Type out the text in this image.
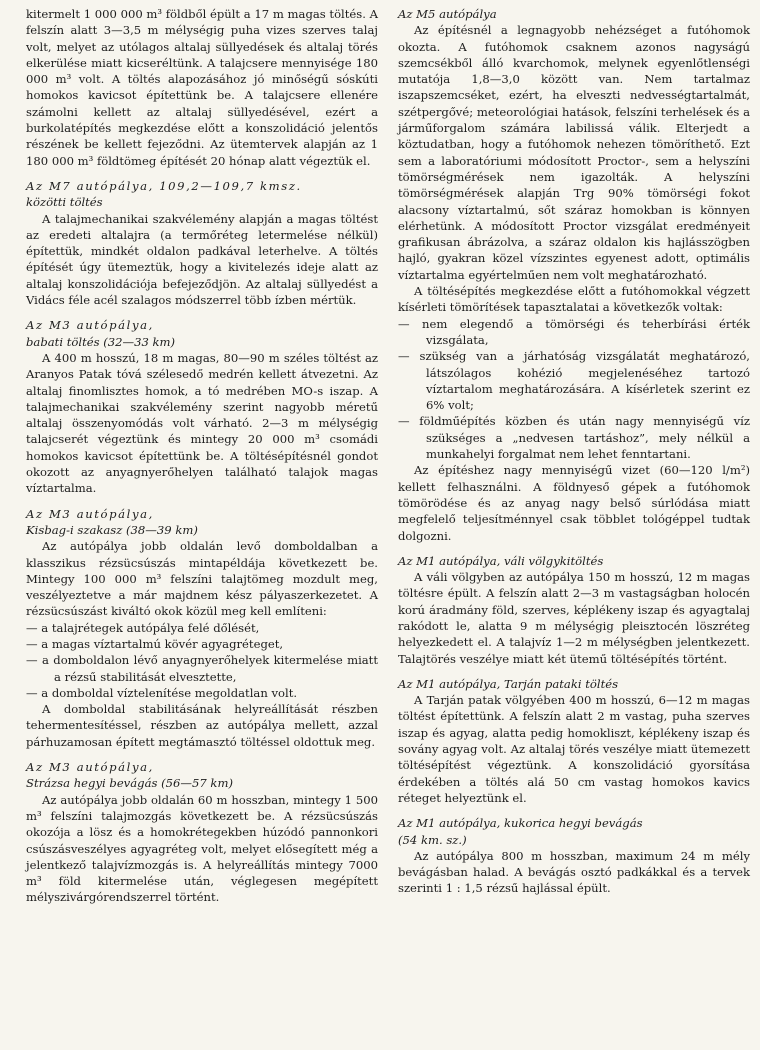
kitermelt 1 000 000 m³ földből épült a 17 m magas töltés. A felszín alatt 3—3,5 m mélységig puha vizes szerves talaj volt, melyet az utólagos altalaj süllyedések és altalaj törés elkerülése miatt kicseréltünk. A talajcsere mennyisége 180 000 m³ volt. A töltés alapozásához jó minőségű sóskúti homokos kavicsot építettünk be. A talajcsere ellenére számolni kellett az altalaj süllyedésével, ezért a burkolatépítés megkezdése előtt a konszolidáció jelentős részének be kellett fejeződni. Az ütemtervek alapján az 1 180 000 m³ földtömeg építését 20 hónap alatt végeztük el.

Az M7 autópálya, 109,2—109,7 kmsz.
közötti töltés

A talajmechanikai szakvélemény alapján a magas töltést az eredeti altalajra (a termőréteg letermelése nélkül) építettük, mindkét oldalon padkával leterhelve. A töltés építését úgy ütemeztük, hogy a kivitelezés ideje alatt az altalaj konszolidációja befejeződjön. Az altalaj süllyedést a Vidács féle acél szalagos módszerrel több ízben mértük.

Az M3 autópálya,
babati töltés (32—33 km)

A 400 m hosszú, 18 m magas, 80—90 m széles töltést az Aranyos Patak tóvá szélesedő medrén kellett átvezetni. Az altalaj finomlisztes homok, a tó medrében MO-s iszap. A talajmechanikai szakvélemény szerint nagyobb méretű altalaj összenyomódás volt várható. 2—3 m mélységig talajcserét végeztünk és mintegy 20 000 m³ csomádi homokos kavicsot építettünk be. A töltésépítésnél gondot okozott az anyagnyerőhelyen található talajok magas víztartalma.

Az M3 autópálya,
Kisbag-i szakasz (38—39 km)

Az autópálya jobb oldalán levő domboldalban a klasszikus rézsücsúszás mintapéldája következett be. Mintegy 100 000 m³ felszíni talajtömeg mozdult meg, veszélyeztetve a már majdnem kész pályaszerkezetet. A rézsücsúszást kiváltó okok közül meg kell említeni:

— a talajrétegek autópálya felé dőlését,
— a magas víztartalmú kövér agyagréteget,
— a domboldalon lévő anyagnyerőhelyek kitermelése miatt a rézsű stabilitását elvesztette,
— a domboldal víztelenítése megoldatlan volt.

A domboldal stabilitásának helyreállítását részben tehermentesítéssel, részben az autópálya mellett, azzal párhuzamosan épített megtámasztó töltéssel oldottuk meg.

Az M3 autópálya,
Strázsa hegyi bevágás (56—57 km)

Az autópálya jobb oldalán 60 m hosszban, mintegy 1 500 m³ felszíni talajmozgás következett be. A rézsücsúszás okozója a lösz és a homokrétegekben húzódó pannonkori csúszásveszélyes agyagréteg volt, melyet elősegített még a jelentkező talajvízmozgás is. A helyreállítás mintegy 7000 m³ föld kitermelése után, véglegesen megépített mélyszivárgórendszerrel történt.

Az M5 autópálya

Az építésnél a legnagyobb nehézséget a futóhomok okozta. A futóhomok csaknem azonos nagyságú szemcsékből álló kvarchomok, melynek egyenlőtlenségi mutatója 1,8—3,0 között van. Nem tartalmaz iszapszemcséket, ezért, ha elveszti nedvességtartalmát, szétpergővé; meteorológiai hatások, felszíni terhelések és a járműforgalom számára labilissá válik. Elterjedt a köztudatban, hogy a futóhomok nehezen tömöríthető. Ezt sem a laboratóriumi módosított Proctor-, sem a helyszíni tömörségmérések nem igazolták. A helyszíni tömörségmérések alapján Trg 90% tömörségi fokot alacsony víztartalmú, sőt száraz homokban is könnyen elérhetünk. A módosított Proctor vizsgálat eredményeit grafikusan ábrázolva, a száraz oldalon kis hajlásszögben hajló, gyakran közel vízszintes egyenest adott, optimális víztartalma egyértelműen nem volt meghatározható.

A töltésépítés megkezdése előtt a futóhomokkal végzett kísérleti tömörítések tapasztalatai a következők voltak:

— nem elegendő a tömörségi és teherbírási érték vizsgálata,
— szükség van a járhatóság vizsgálatát meghatározó, látszólagos kohézió megjelenéséhez tartozó víztartalom meghatározására. A kísérletek szerint ez 6% volt;
— földműépítés közben és után nagy mennyiségű víz szükséges a „nedvesen tartáshoz”, mely nélkül a munkahelyi forgalmat nem lehet fenntartani.

Az építéshez nagy mennyiségű vizet (60—120 l/m²) kellett felhasználni. A földnyeső gépek a futóhomok tömörödése és az anyag nagy belső súrlódása miatt megfelelő teljesítménnyel csak többlet tológéppel tudtak dolgozni.

Az M1 autópálya, váli völgykitöltés

A váli völgyben az autópálya 150 m hosszú, 12 m magas töltésre épült. A felszín alatt 2—3 m vastagságban holocén korú áradmány föld, szerves, képlékeny iszap és agyagtalaj rakódott le, alatta 9 m mélységig pleisztocén löszréteg helyezkedett el. A talajvíz 1—2 m mélységben jelentkezett. Talajtörés veszélye miatt két ütemű töltésépítés történt.

Az M1 autópálya, Tarján pataki töltés

A Tarján patak völgyében 400 m hosszú, 6—12 m magas töltést építettünk. A felszín alatt 2 m vastag, puha szerves iszap és agyag, alatta pedig homokliszt, képlékeny iszap és sovány agyag volt. Az altalaj törés veszélye miatt ütemezett töltésépítést végeztünk. A konszolidáció gyorsítása érdekében a töltés alá 50 cm vastag homokos kavics réteget helyeztünk el.

Az M1 autópálya, kukorica hegyi bevágás
(54 km. sz.)

Az autópálya 800 m hosszban, maximum 24 m mély bevágásban halad. A bevágás osztó padkákkal és a tervek szerinti 1 : 1,5 rézsű hajlással épült.
